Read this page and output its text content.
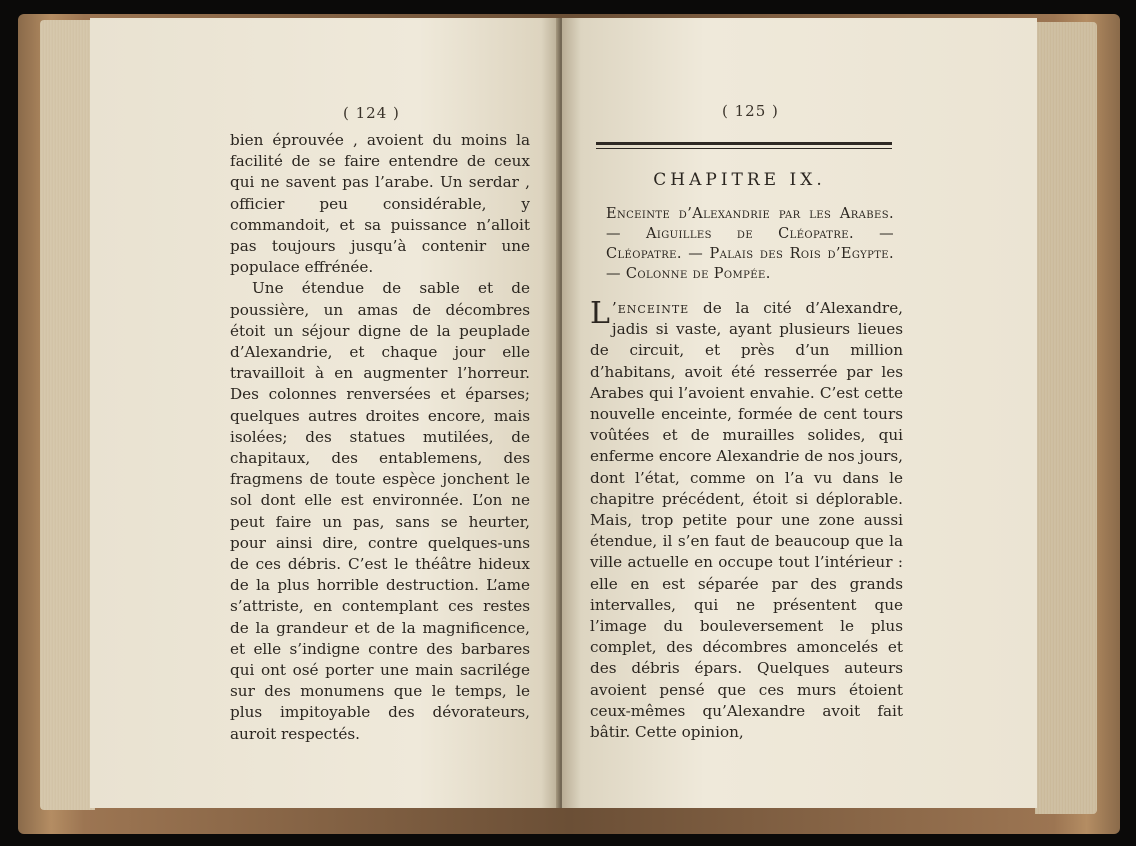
( 124 )

bien éprouvée , avoient du moins la facilité de se faire entendre de ceux qui ne savent pas l’arabe. Un serdar , officier peu considérable, y commandoit, et sa puissance n’alloit pas toujours jusqu’à contenir une populace effrénée.

Une étendue de sable et de poussière, un amas de décombres étoit un séjour digne de la peuplade d’Alexandrie, et chaque jour elle travailloit à en augmenter l’horreur. Des colonnes renversées et éparses; quelques autres droites encore, mais isolées; des statues mutilées, de chapitaux, des entablemens, des fragmens de toute espèce jonchent le sol dont elle est environnée. L’on ne peut faire un pas, sans se heurter, pour ainsi dire, contre quelques-uns de ces débris. C’est le théâtre hideux de la plus horrible destruction. L’ame s’attriste, en contemplant ces restes de la grandeur et de la magnificence, et elle s’indigne contre des barbares qui ont osé porter une main sacrilége sur des monumens que le temps, le plus impitoyable des dévorateurs, auroit respectés.

( 125 )
CHAPITRE IX.
Enceinte d’Alexandrie par les Arabes. — Aiguilles de Cléopatre. — Cléopatre. — Palais des Rois d’Egypte. — Colonne de Pompée.

L ’enceinte de la cité d’Alexandre, jadis si vaste, ayant plusieurs lieues de circuit, et près d’un million d’habitans, avoit été resserrée par les Arabes qui l’avoient envahie. C’est cette nouvelle enceinte, formée de cent tours voûtées et de murailles solides, qui enferme encore Alexandrie de nos jours, dont l’état, comme on l’a vu dans le chapitre précédent, étoit si déplorable. Mais, trop petite pour une zone aussi étendue, il s’en faut de beaucoup que la ville actuelle en occupe tout l’intérieur : elle en est séparée par des grands intervalles, qui ne présentent que l’image du bouleversement le plus complet, des décombres amoncelés et des débris épars. Quelques auteurs avoient pensé que ces murs étoient ceux-mêmes qu’Alexandre avoit fait bâtir. Cette opinion,
